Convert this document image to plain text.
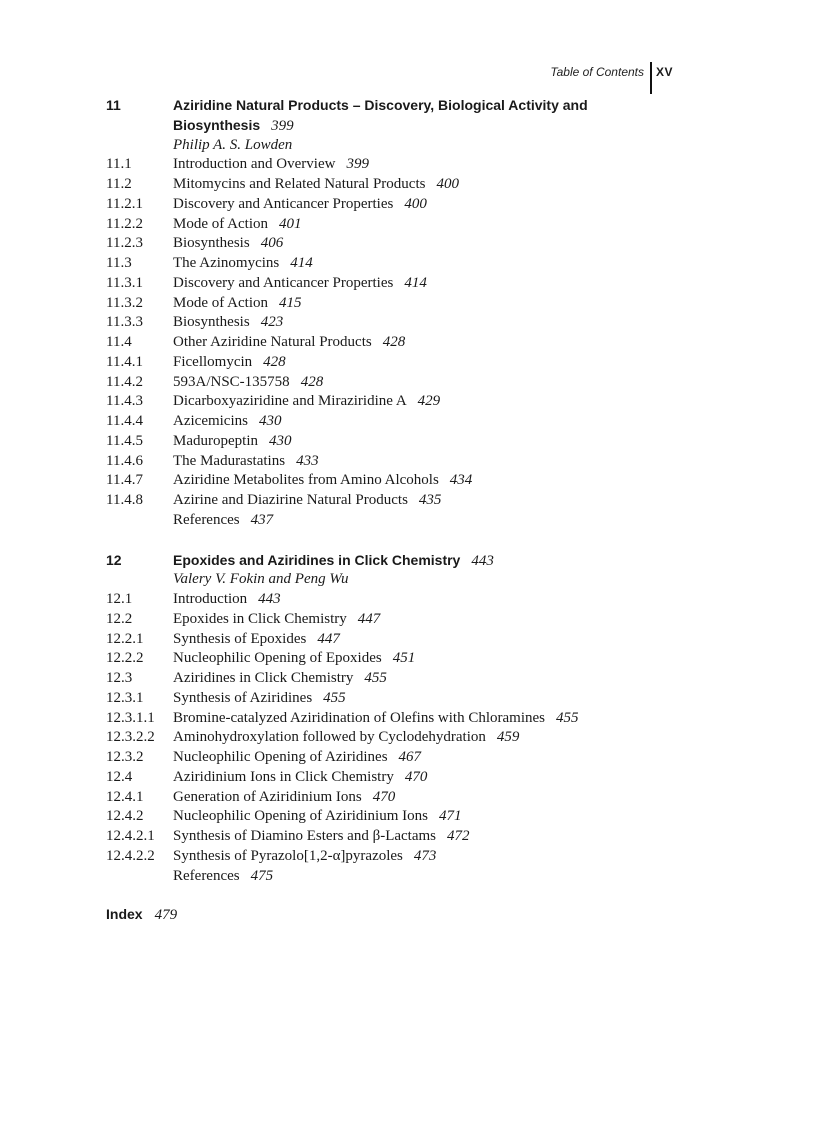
Table of Contents XV
11	Aziridine Natural Products – Discovery, Biological Activity and
Biosynthesis 399
Philip A. S. Lowden
11.1	Introduction and Overview 399
11.2	Mitomycins and Related Natural Products 400
11.2.1	Discovery and Anticancer Properties 400
11.2.2	Mode of Action 401
11.2.3	Biosynthesis 406
11.3	The Azinomycins 414
11.3.1	Discovery and Anticancer Properties 414
11.3.2	Mode of Action 415
11.3.3	Biosynthesis 423
11.4	Other Aziridine Natural Products 428
11.4.1	Ficellomycin 428
11.4.2	593A/NSC-135758 428
11.4.3	Dicarboxyaziridine and Miraziridine A 429
11.4.4	Azicemicins 430
11.4.5	Maduropeptin 430
11.4.6	The Madurastatins 433
11.4.7	Aziridine Metabolites from Amino Alcohols 434
11.4.8	Azirine and Diazirine Natural Products 435
References 437
12	Epoxides and Aziridines in Click Chemistry 443
Valery V. Fokin and Peng Wu
12.1	Introduction 443
12.2	Epoxides in Click Chemistry 447
12.2.1	Synthesis of Epoxides 447
12.2.2	Nucleophilic Opening of Epoxides 451
12.3	Aziridines in Click Chemistry 455
12.3.1	Synthesis of Aziridines 455
12.3.1.1	Bromine-catalyzed Aziridination of Olefins with Chloramines 455
12.3.2.2	Aminohydroxylation followed by Cyclodehydration 459
12.3.2	Nucleophilic Opening of Aziridines 467
12.4	Aziridinium Ions in Click Chemistry 470
12.4.1	Generation of Aziridinium Ions 470
12.4.2	Nucleophilic Opening of Aziridinium Ions 471
12.4.2.1	Synthesis of Diamino Esters and β-Lactams 472
12.4.2.2	Synthesis of Pyrazolo[1,2-α]pyrazoles 473
References 475
Index 479
